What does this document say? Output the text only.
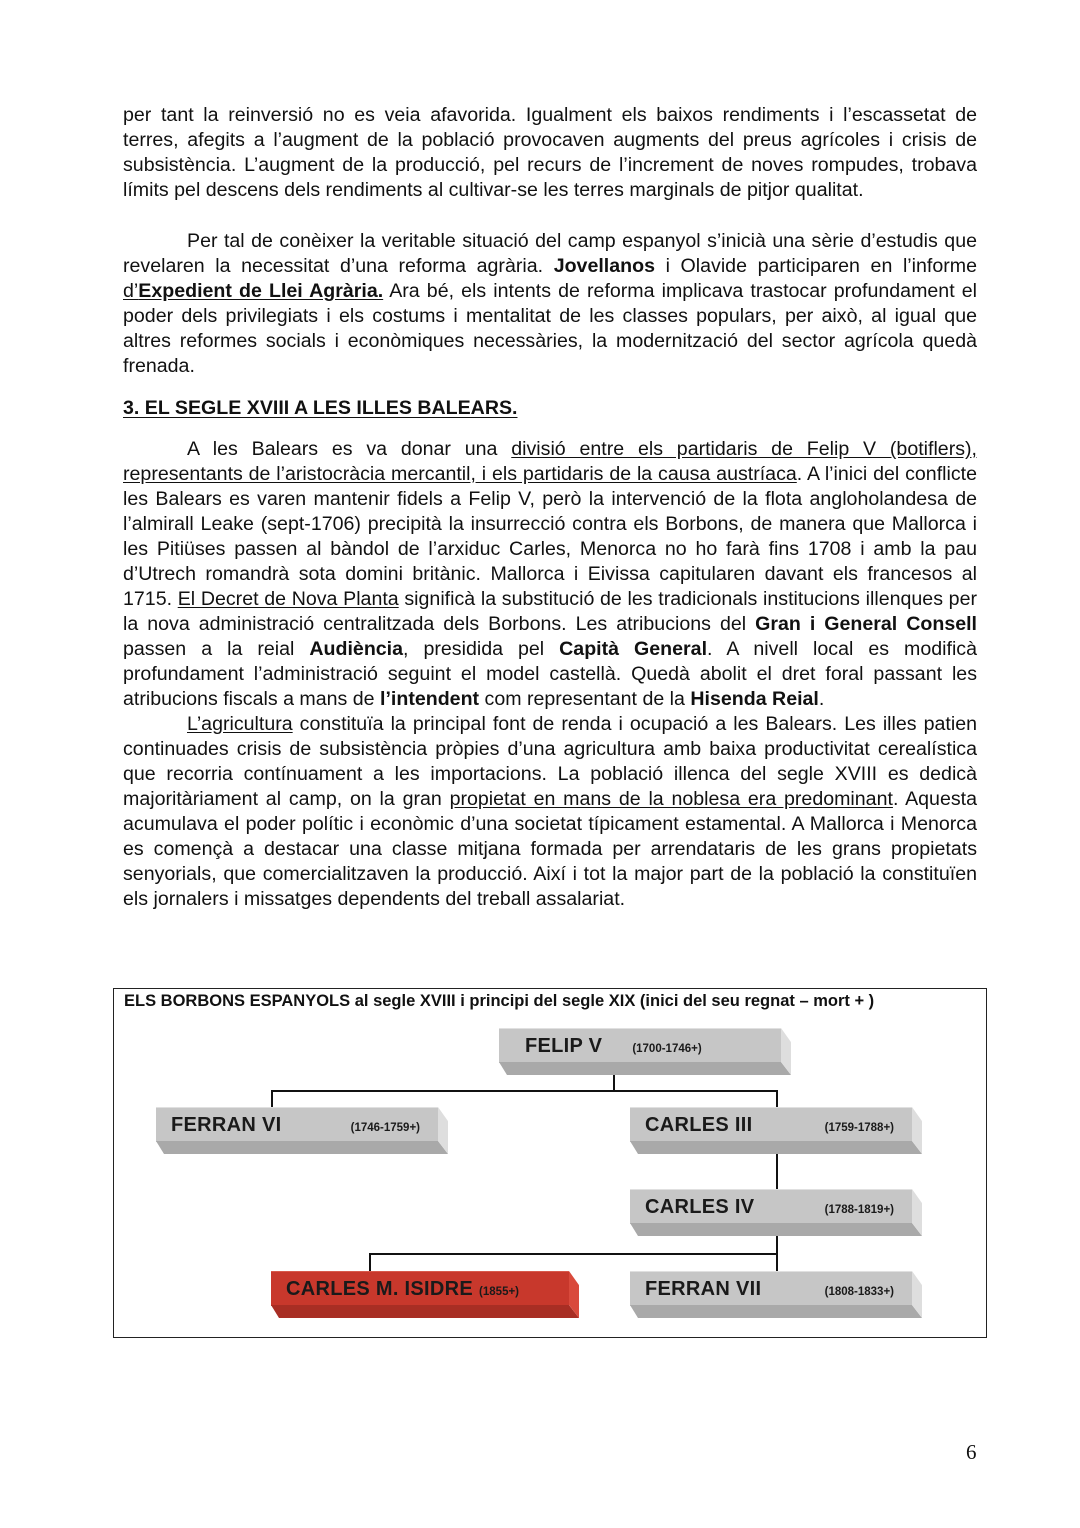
per tant la reinversió no es veia afavorida. Igualment els baixos rendiments i l’escassetat de terres, afegits a l’augment de la població provocaven augments del preus agrícoles i crisis de subsistència. L’augment de la producció, pel recurs de l’increment de noves rompudes, trobava límits pel descens dels rendiments al cultivar-se les terres marginals de pitjor qualitat.

Per tal de conèixer la veritable situació del camp espanyol s’inicià una sèrie d’estudis que revelaren la necessitat d’una reforma agrària. Jovellanos i Olavide participaren en l’informe d’Expedient de Llei Agrària. Ara bé, els intents de reforma implicava trastocar profundament el poder dels privilegiats i els costums i mentalitat de les classes populars, per això, al igual que altres reformes socials i econòmiques necessàries, la modernització del sector agrícola quedà frenada.

3. EL SEGLE XVIII A LES ILLES BALEARS.

A les Balears es va donar una divisió entre els partidaris de Felip V (botiflers), representants de l’aristocràcia mercantil, i els partidaris de la causa austríaca. A l’inici del conflicte les Balears es varen mantenir fidels a Felip V, però la intervenció de la flota angloholandesa de l’almirall Leake (sept-1706) precipità la insurrecció contra els Borbons, de manera que Mallorca i les Pitiüses passen al bàndol de l’arxiduc Carles, Menorca no ho farà fins 1708 i amb la pau d’Utrech romandrà sota domini britànic. Mallorca i Eivissa capitularen davant els francesos al 1715. El Decret de Nova Planta significà la substitució de les tradicionals institucions illenques per la nova administració centralitzada dels Borbons. Les atribucions del Gran i General Consell passen a la reial Audiència, presidida pel Capità General. A nivell local es modificà profundament l’administració seguint el model castellà. Quedà abolit el dret foral passant les atribucions fiscals a mans de l’intendent com representant de la Hisenda Reial.

L’agricultura constituïa la principal font de renda i ocupació a les Balears. Les illes patien continuades crisis de subsistència pròpies d’una agricultura amb baixa productivitat cerealística que recorria contínuament a les importacions. La població illenca del segle XVIII es dedicà majoritàriament al camp, on la gran propietat en mans de la noblesa era predominant. Aquesta acumulava el poder polític i econòmic d’una societat típicament estamental. A Mallorca i Menorca es començà a destacar una classe mitjana formada per arrendataris de les grans propietats senyorials, que comercialitzaven la producció. Així i tot la major part de la població la constituïen els jornalers i missatges dependents del treball assalariat.

ELS BORBONS ESPANYOLS al segle XVIII i principi del segle XIX (inici del seu regnat – mort + )
FELIP V	(1700-1746+)
FERRAN VI	(1746-1759+)	CARLES III	(1759-1788+)
CARLES IV	(1788-1819+)
CARLES M. ISIDRE (1855+)	FERRAN VII	(1808-1833+)
6
